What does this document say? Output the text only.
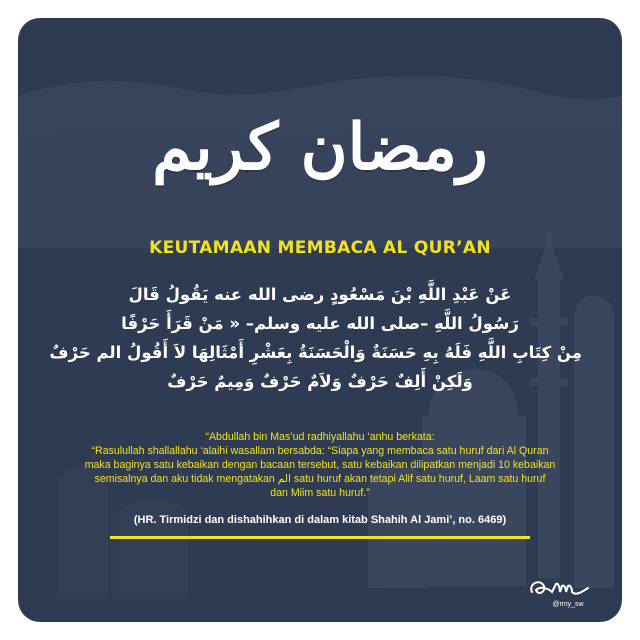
رمضان كريم
KEUTAMAAN MEMBACA AL QUR’AN
عَنْ عَبْدِ اللَّهِ بْنَ مَسْعُودٍ رضى الله عنه يَقُولُ قَالَ
رَسُولُ اللَّهِ –صلى الله عليه وسلم– « مَنْ قَرَأَ حَرْفًا
مِنْ كِتَابِ اللَّهِ فَلَهُ بِهِ حَسَنَةٌ وَالْحَسَنَةُ بِعَشْرِ أَمْثَالِهَا لاَ أَقُولُ الم حَرْفٌ
وَلَكِنْ أَلِفٌ حَرْفٌ وَلاَمٌ حَرْفٌ وَمِيمٌ حَرْفٌ
“Abdullah bin Mas’ud radhiyallahu ‘anhu berkata:
“Rasulullah shallallahu ‘alaihi wasallam bersabda: “Siapa yang membaca satu huruf dari Al Quran
maka baginya satu kebaikan dengan bacaan tersebut, satu kebaikan dilipatkan menjadi 10 kebaikan
semisalnya dan aku tidak mengatakan الم satu huruf akan tetapi Alif satu huruf, Laam satu huruf
dan Miim satu huruf.”
(HR. Tirmidzi dan dishahihkan di dalam kitab Shahih Al Jami’, no. 6469)
@rmy_sw
